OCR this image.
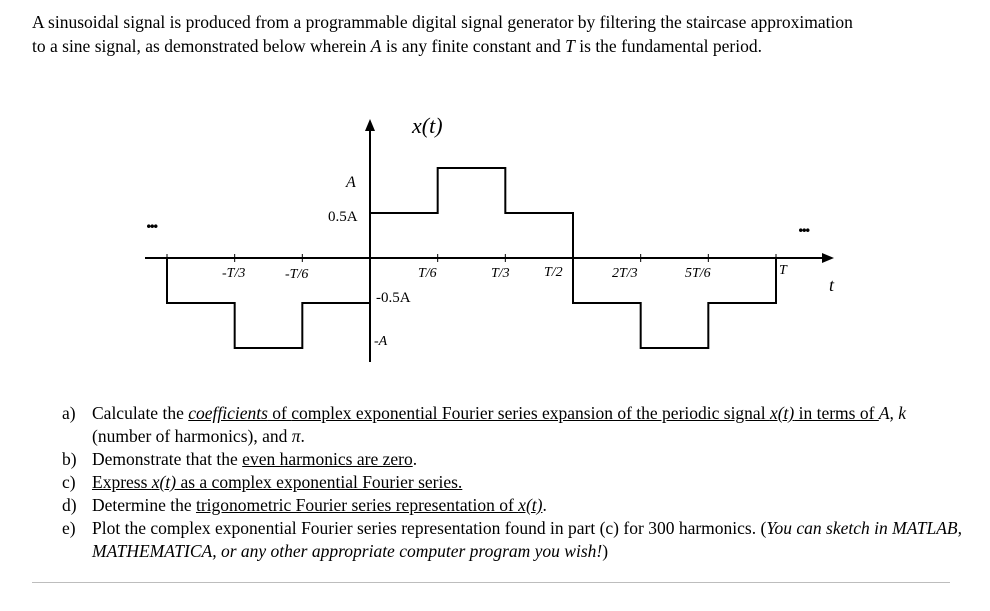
A sinusoidal signal is produced from a programmable digital signal generator by filtering the staircase approximation

to a sine signal, as demonstrated below wherein A is any finite constant and T is the fundamental period.

-T/3	-T/6	T/6	T/3 T/2	2T/3	5T/6	T
A
0.5A
-0.5A
-A
x(t)
t
...	...
a) Calculate the coefficients of complex exponential Fourier series expansion of the periodic signal x(t) in terms of A, k (number of harmonics), and π.
b) Demonstrate that the even harmonics are zero.
c) Express x(t) as a complex exponential Fourier series.
d) Determine the trigonometric Fourier series representation of x(t).
e) Plot the complex exponential Fourier series representation found in part (c) for 300 harmonics. (You can sketch in MATLAB, MATHEMATICA, or any other appropriate computer program you wish!)
